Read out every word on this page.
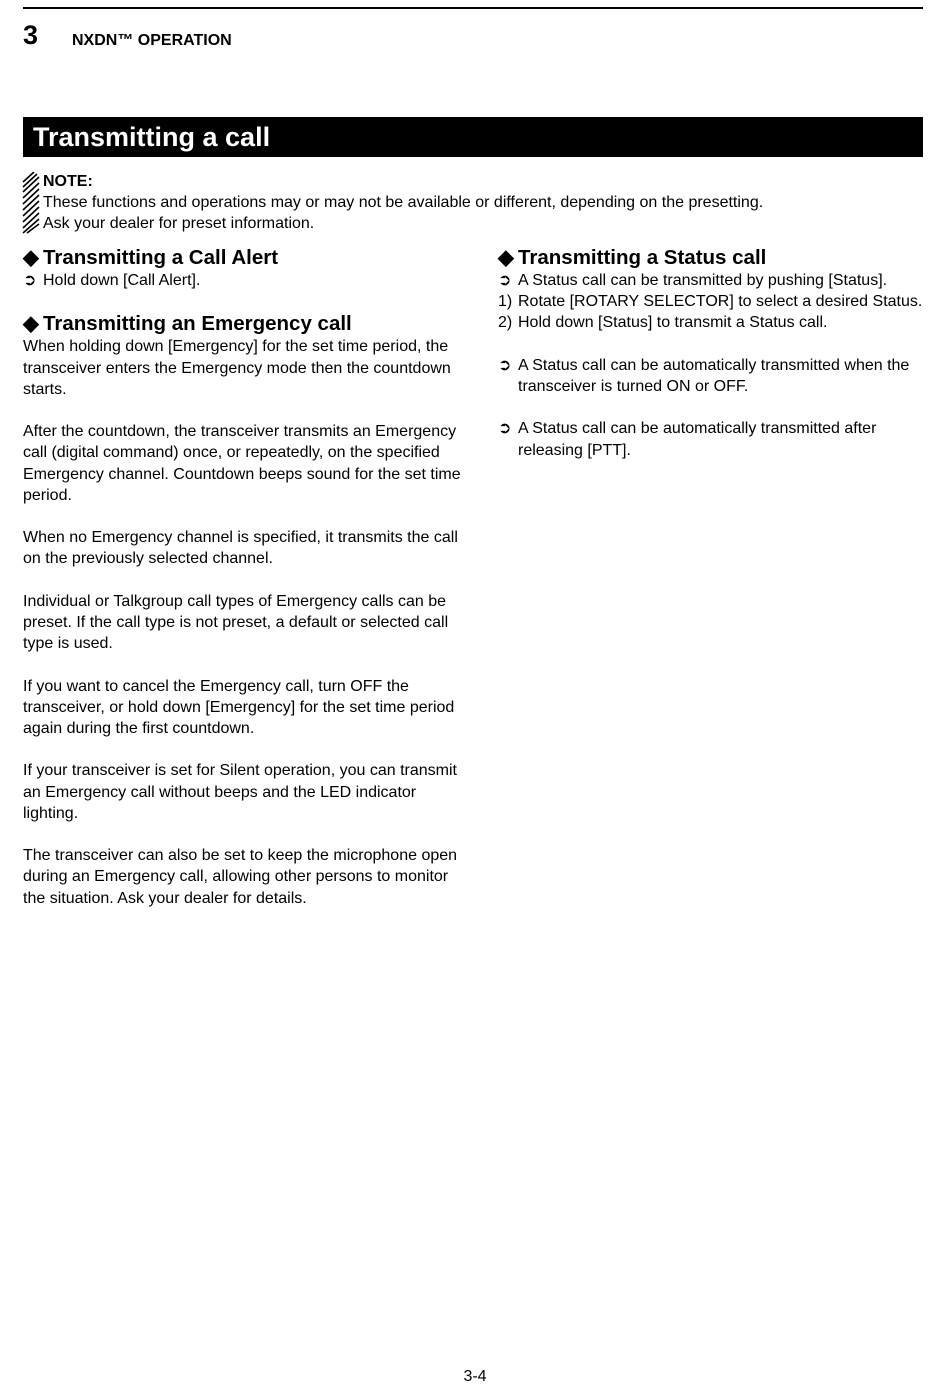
3 NXDN™ OPERATION
Transmitting a call
NOTE:
These functions and operations may or may not be available or different, depending on the presetting.
Ask your dealer for preset information.
◆ Transmitting a Call Alert
➲ Hold down [Call Alert].
◆ Transmitting an Emergency call

When holding down [Emergency] for the set time period, the transceiver enters the Emergency mode then the countdown starts.

After the countdown, the transceiver transmits an Emergency call (digital command) once, or repeatedly, on the specified Emergency channel. Countdown beeps sound for the set time period.

When no Emergency channel is specified, it transmits the call on the previously selected channel.

Individual or Talkgroup call types of Emergency calls can be preset. If the call type is not preset, a default or selected call type is used.

If you want to cancel the Emergency call, turn OFF the transceiver, or hold down [Emergency] for the set time period again during the first countdown.

If your transceiver is set for Silent operation, you can transmit an Emergency call without beeps and the LED indicator lighting.

The transceiver can also be set to keep the microphone open during an Emergency call, allowing other persons to monitor the situation. Ask your dealer for details.

◆ Transmitting a Status call
➲ A Status call can be transmitted by pushing [Status].
1) Rotate [ROTARY SELECTOR] to select a desired Status.
2) Hold down [Status] to transmit a Status call.
➲ A Status call can be automatically transmitted when the transceiver is turned ON or OFF.
➲ A Status call can be automatically transmitted after releasing [PTT].
3-4
